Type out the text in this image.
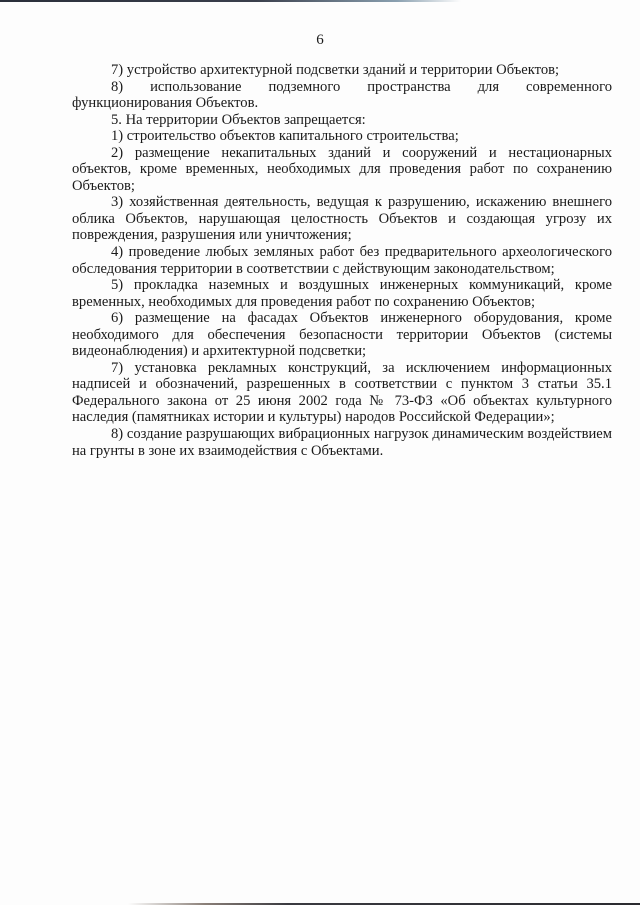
6

7) устройство архитектурной подсветки зданий и территории Объектов;

8) использование подземного пространства для современного функционирования Объектов.

5. На территории Объектов запрещается:

1) строительство объектов капитального строительства;

2) размещение некапитальных зданий и сооружений и нестационарных объектов, кроме временных, необходимых для проведения работ по сохранению Объектов;

3) хозяйственная деятельность, ведущая к разрушению, искажению внешнего облика Объектов, нарушающая целостность Объектов и создающая угрозу их повреждения, разрушения или уничтожения;

4) проведение любых земляных работ без предварительного археологического обследования территории в соответствии с действующим законодательством;

5) прокладка наземных и воздушных инженерных коммуникаций, кроме временных, необходимых для проведения работ по сохранению Объектов;

6) размещение на фасадах Объектов инженерного оборудования, кроме необходимого для обеспечения безопасности территории Объектов (системы видеонаблюдения) и архитектурной подсветки;

7) установка рекламных конструкций, за исключением информационных надписей и обозначений, разрешенных в соответствии с пунктом 3 статьи 35.1 Федерального закона от 25 июня 2002 года № 73-ФЗ «Об объектах культурного наследия (памятниках истории и культуры) народов Российской Федерации»;

8) создание разрушающих вибрационных нагрузок динамическим воздействием на грунты в зоне их взаимодействия с Объектами.
